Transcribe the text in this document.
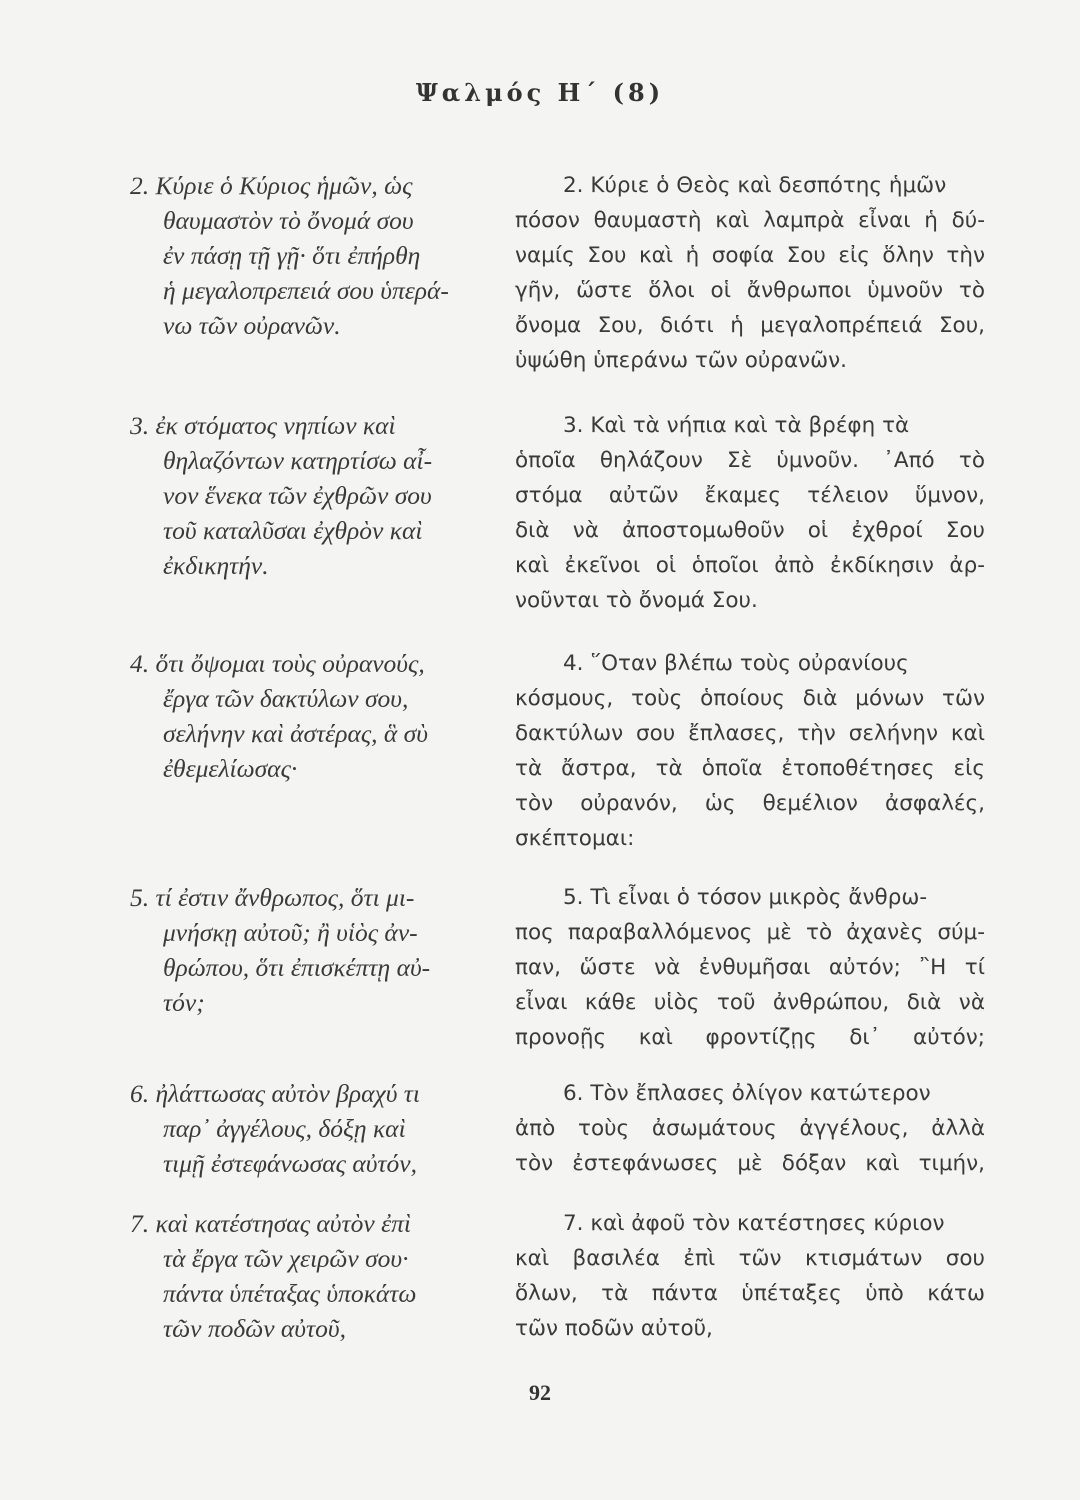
Ψαλμός Η΄ (8)
2. Κύριε ὁ Κύριος ἡμῶν, ὡς
θαυμαστὸν τὸ ὄνομά σου
ἐν πάσῃ τῇ γῇ· ὅτι ἐπήρθη
ἡ μεγαλοπρεπειά σου ὑπερά-
νω τῶν οὐρανῶν.
3. ἐκ στόματος νηπίων καὶ
θηλαζόντων κατηρτίσω αἶ-
νον ἕνεκα τῶν ἐχθρῶν σου
τοῦ καταλῦσαι ἐχθρὸν καὶ
ἐκδικητήν.
4. ὅτι ὄψομαι τοὺς οὐρανούς,
ἔργα τῶν δακτύλων σου,
σελήνην καὶ ἀστέρας, ἃ σὺ
ἐθεμελίωσας·
5. τί ἐστιν ἄνθρωπος, ὅτι μι-
μνήσκῃ αὐτοῦ; ἢ υἱὸς ἀν-
θρώπου, ὅτι ἐπισκέπτῃ αὐ-
τόν;
6. ἠλάττωσας αὐτὸν βραχύ τι
παρ᾿ ἀγγέλους, δόξῃ καὶ
τιμῇ ἐστεφάνωσας αὐτόν,
7. καὶ κατέστησας αὐτὸν ἐπὶ
τὰ ἔργα τῶν χειρῶν σου·
πάντα ὑπέταξας ὑποκάτω
τῶν ποδῶν αὐτοῦ,
2. Κύριε ὁ Θεὸς καὶ δεσπότης ἡμῶν
πόσον θαυμαστὴ καὶ λαμπρὰ εἶναι ἡ δύ-
ναμίς Σου καὶ ἡ σοφία Σου εἰς ὅλην τὴν
γῆν, ὥστε ὅλοι οἱ ἄνθρωποι ὑμνοῦν τὸ
ὄνομα Σου, διότι ἡ μεγαλοπρέπειά Σου,
ὑψώθη ὑπεράνω τῶν οὐρανῶν.
3. Καὶ τὰ νήπια καὶ τὰ βρέφη τὰ
ὁποῖα θηλάζουν Σὲ ὑμνοῦν. ᾿Από τὸ
στόμα αὐτῶν ἔκαμες τέλειον ὕμνον,
διὰ νὰ ἀποστομωθοῦν οἱ ἐχθροί Σου
καὶ ἐκεῖνοι οἱ ὁποῖοι ἀπὸ ἐκδίκησιν ἀρ-
νοῦνται τὸ ὄνομά Σου.
4. ῞Οταν βλέπω τοὺς οὐρανίους
κόσμους, τοὺς ὁποίους διὰ μόνων τῶν
δακτύλων σου ἔπλασες, τὴν σελήνην καὶ
τὰ ἄστρα, τὰ ὁποῖα ἐτοποθέτησες εἰς
τὸν οὐρανόν, ὡς θεμέλιον ἀσφαλές,
σκέπτομαι:
5. Τὶ εἶναι ὁ τόσον μικρὸς ἄνθρω-
πος παραβαλλόμενος μὲ τὸ ἀχανὲς σύμ-
παν, ὥστε νὰ ἐνθυμῆσαι αὐτόν; ῍Η τί
εἶναι κάθε υἱὸς τοῦ ἀνθρώπου, διὰ νὰ
προνοῇς καὶ φροντίζῃς δι᾿ αὐτόν;
6. Τὸν ἔπλασες ὀλίγον κατώτερον
ἀπὸ τοὺς ἀσωμάτους ἀγγέλους, ἀλλὰ
τὸν ἐστεφάνωσες μὲ δόξαν καὶ τιμήν,
7. καὶ ἀφοῦ τὸν κατέστησες κύριον
καὶ βασιλέα ἐπὶ τῶν κτισμάτων σου
ὅλων, τὰ πάντα ὑπέταξες ὑπὸ κάτω
τῶν ποδῶν αὐτοῦ,
92
